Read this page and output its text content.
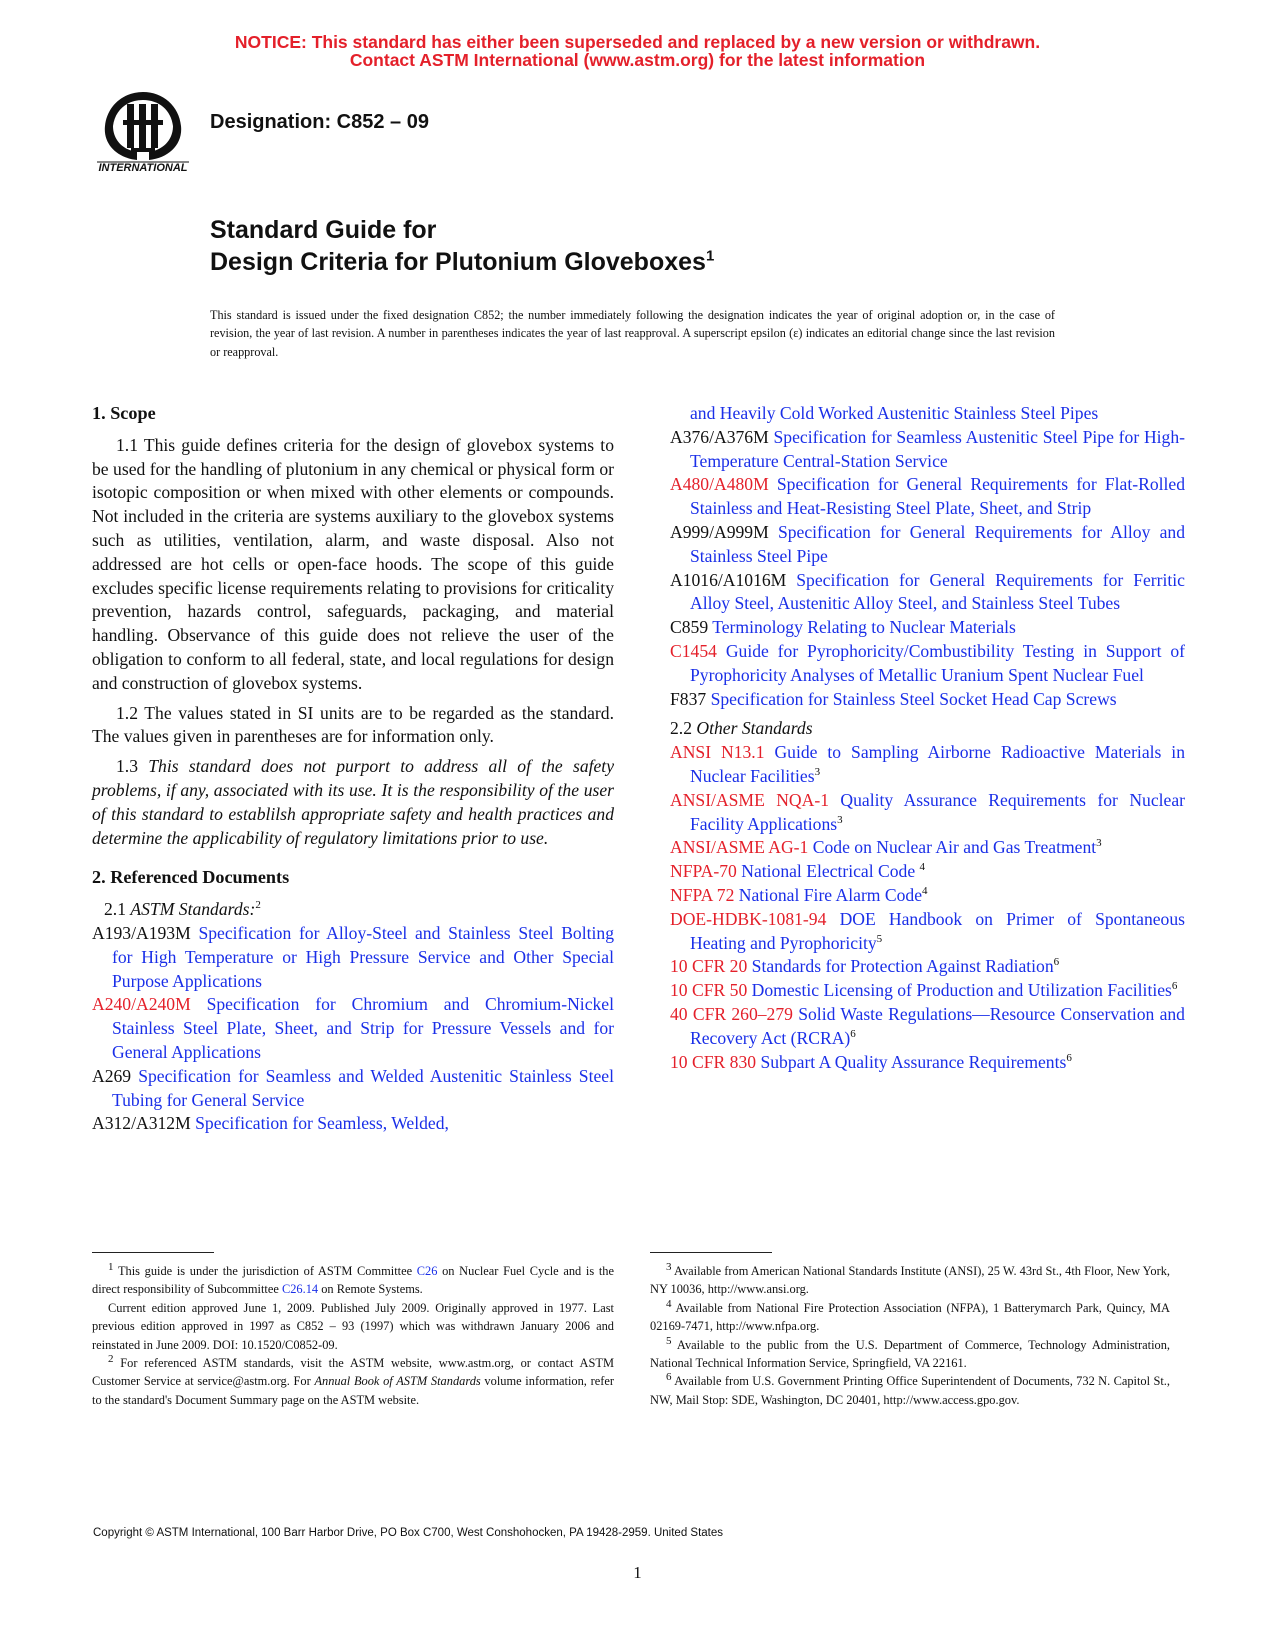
NOTICE: This standard has either been superseded and replaced by a new version or withdrawn.
Contact ASTM International (www.astm.org) for the latest information
INTERNATIONAL
Designation: C852 – 09
Standard Guide for
Design Criteria for Plutonium Gloveboxes$^1$
This standard is issued under the fixed designation C852; the number immediately following the designation indicates the year of original adoption or, in the case of revision, the year of last revision. A number in parentheses indicates the year of last reapproval. A superscript epsilon (ε) indicates an editorial change since the last revision or reapproval.
1. Scope
1.1 This guide defines criteria for the design of glovebox systems to be used for the handling of plutonium in any chemical or physical form or isotopic composition or when mixed with other elements or compounds. Not included in the criteria are systems auxiliary to the glovebox systems such as utilities, ventilation, alarm, and waste disposal. Also not addressed are hot cells or open-face hoods. The scope of this guide excludes specific license requirements relating to provisions for criticality prevention, hazards control, safeguards, packaging, and material handling. Observance of this guide does not relieve the user of the obligation to conform to all federal, state, and local regulations for design and construction of glovebox systems.
1.2 The values stated in SI units are to be regarded as the standard. The values given in parentheses are for information only.
1.3 This standard does not purport to address all of the safety problems, if any, associated with its use. It is the responsibility of the user of this standard to establilsh appropriate safety and health practices and determine the applicability of regulatory limitations prior to use.
2. Referenced Documents
2.1 ASTM Standards:$^2$
A193/A193M Specification for Alloy-Steel and Stainless Steel Bolting for High Temperature or High Pressure Service and Other Special Purpose Applications
A240/A240M Specification for Chromium and Chromium-Nickel Stainless Steel Plate, Sheet, and Strip for Pressure Vessels and for General Applications
A269 Specification for Seamless and Welded Austenitic Stainless Steel Tubing for General Service
A312/A312M Specification for Seamless, Welded,
and Heavily Cold Worked Austenitic Stainless Steel Pipes
A376/A376M Specification for Seamless Austenitic Steel Pipe for High-Temperature Central-Station Service
A480/A480M Specification for General Requirements for Flat-Rolled Stainless and Heat-Resisting Steel Plate, Sheet, and Strip
A999/A999M Specification for General Requirements for Alloy and Stainless Steel Pipe
A1016/A1016M Specification for General Requirements for Ferritic Alloy Steel, Austenitic Alloy Steel, and Stainless Steel Tubes
C859 Terminology Relating to Nuclear Materials
C1454 Guide for Pyrophoricity/Combustibility Testing in Support of Pyrophoricity Analyses of Metallic Uranium Spent Nuclear Fuel
F837 Specification for Stainless Steel Socket Head Cap Screws
2.2 Other Standards
ANSI N13.1 Guide to Sampling Airborne Radioactive Materials in Nuclear Facilities$^3$
ANSI/ASME NQA-1 Quality Assurance Requirements for Nuclear Facility Applications$^3$
ANSI/ASME AG-1 Code on Nuclear Air and Gas Treatment$^3$
NFPA-70 National Electrical Code $^4$
NFPA 72 National Fire Alarm Code$^4$
DOE-HDBK-1081-94 DOE Handbook on Primer of Spontaneous Heating and Pyrophoricity$^5$
10 CFR 20 Standards for Protection Against Radiation$^6$
10 CFR 50 Domestic Licensing of Production and Utilization Facilities$^6$
40 CFR 260–279 Solid Waste Regulations—Resource Conservation and Recovery Act (RCRA)$^6$
10 CFR 830 Subpart A Quality Assurance Requirements$^6$

$^1$ This guide is under the jurisdiction of ASTM Committee C26 on Nuclear Fuel Cycle and is the direct responsibility of Subcommittee C26.14 on Remote Systems.

Current edition approved June 1, 2009. Published July 2009. Originally approved in 1977. Last previous edition approved in 1997 as C852 – 93 (1997) which was withdrawn January 2006 and reinstated in June 2009. DOI: 10.1520/C0852-09.

$^2$ For referenced ASTM standards, visit the ASTM website, www.astm.org, or contact ASTM Customer Service at service@astm.org. For Annual Book of ASTM Standards volume information, refer to the standard's Document Summary page on the ASTM website.

$^3$ Available from American National Standards Institute (ANSI), 25 W. 43rd St., 4th Floor, New York, NY 10036, http://www.ansi.org.

$^4$ Available from National Fire Protection Association (NFPA), 1 Batterymarch Park, Quincy, MA 02169-7471, http://www.nfpa.org.

$^5$ Available to the public from the U.S. Department of Commerce, Technology Administration, National Technical Information Service, Springfield, VA 22161.

$^6$ Available from U.S. Government Printing Office Superintendent of Documents, 732 N. Capitol St., NW, Mail Stop: SDE, Washington, DC 20401, http://www.access.gpo.gov.

Copyright © ASTM International, 100 Barr Harbor Drive, PO Box C700, West Conshohocken, PA 19428-2959. United States
1
